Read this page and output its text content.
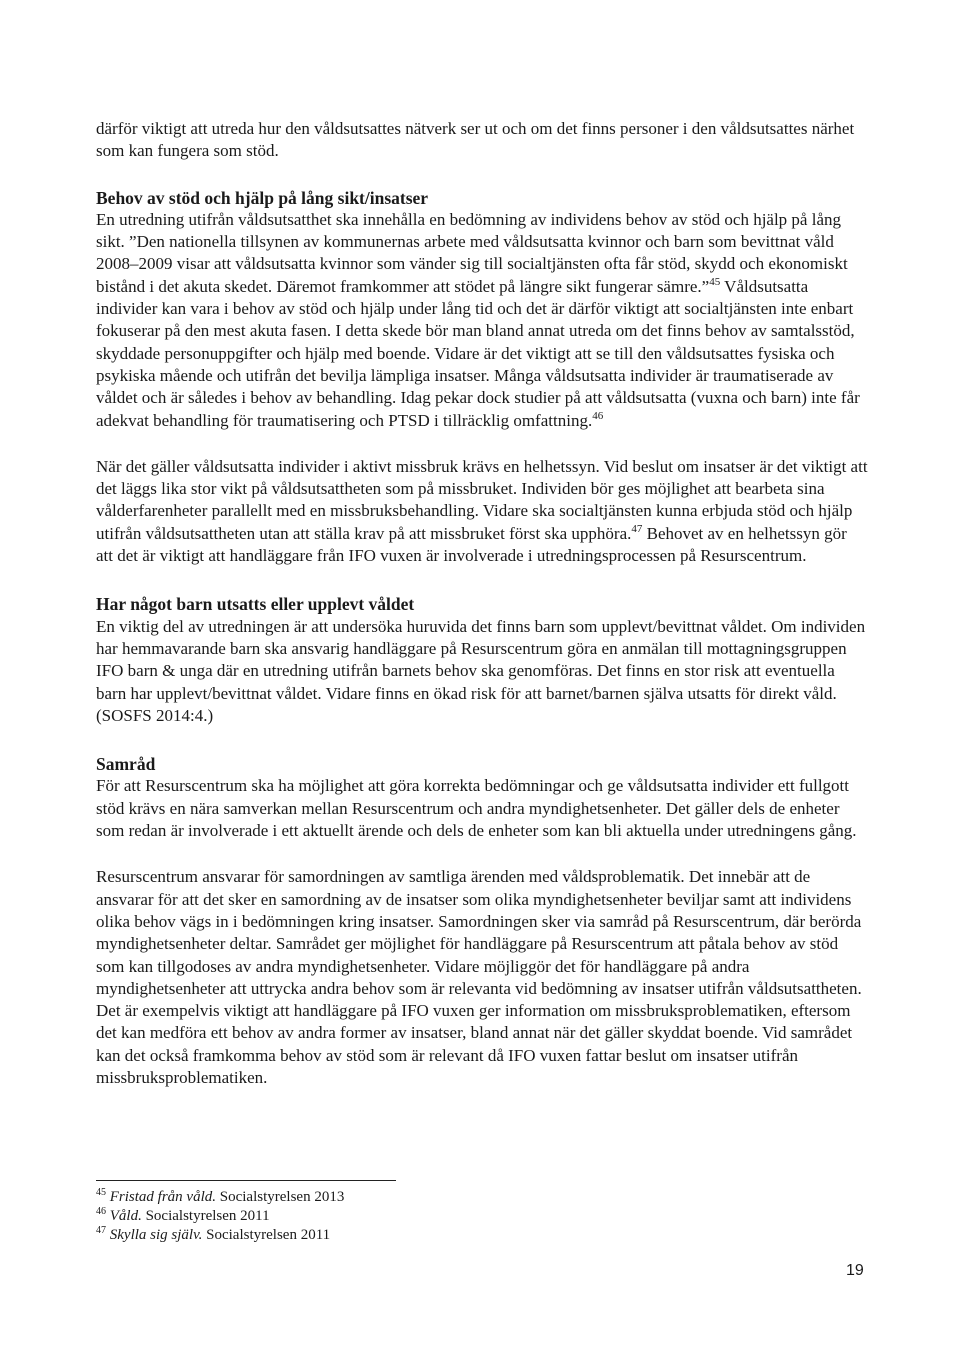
därför viktigt att utreda hur den våldsutsattes nätverk ser ut och om det finns personer i den våldsutsattes närhet som kan fungera som stöd.

Behov av stöd och hjälp på lång sikt/insatser

En utredning utifrån våldsutsatthet ska innehålla en bedömning av individens behov av stöd och hjälp på lång sikt. ”Den nationella tillsynen av kommunernas arbete med våldsutsatta kvinnor och barn som bevittnat våld 2008–2009 visar att våldsutsatta kvinnor som vänder sig till socialtjänsten ofta får stöd, skydd och ekonomiskt bistånd i det akuta skedet. Däremot framkommer att stödet på längre sikt fungerar sämre.”$^{45}$ Våldsutsatta individer kan vara i behov av stöd och hjälp under lång tid och det är därför viktigt att socialtjänsten inte enbart fokuserar på den mest akuta fasen. I detta skede bör man bland annat utreda om det finns behov av samtalsstöd, skyddade personuppgifter och hjälp med boende. Vidare är det viktigt att se till den våldsutsattes fysiska och psykiska mående och utifrån det bevilja lämpliga insatser. Många våldsutsatta individer är traumatiserade av våldet och är således i behov av behandling. Idag pekar dock studier på att våldsutsatta (vuxna och barn) inte får adekvat behandling för traumatisering och PTSD i tillräcklig omfattning.$^{46}$

När det gäller våldsutsatta individer i aktivt missbruk krävs en helhetssyn. Vid beslut om insatser är det viktigt att det läggs lika stor vikt på våldsutsattheten som på missbruket. Individen bör ges möjlighet att bearbeta sina vålderfarenheter parallellt med en missbruksbehandling. Vidare ska socialtjänsten kunna erbjuda stöd och hjälp utifrån våldsutsattheten utan att ställa krav på att missbruket först ska upphöra.$^{47}$ Behovet av en helhetssyn gör att det är viktigt att handläggare från IFO vuxen är involverade i utredningsprocessen på Resurscentrum.

Har något barn utsatts eller upplevt våldet

En viktig del av utredningen är att undersöka huruvida det finns barn som upplevt/bevittnat våldet. Om individen har hemmavarande barn ska ansvarig handläggare på Resurscentrum göra en anmälan till mottagningsgruppen IFO barn & unga där en utredning utifrån barnets behov ska genomföras. Det finns en stor risk att eventuella barn har upplevt/bevittnat våldet. Vidare finns en ökad risk för att barnet/barnen själva utsatts för direkt våld. (SOSFS 2014:4.)

Samråd

För att Resurscentrum ska ha möjlighet att göra korrekta bedömningar och ge våldsutsatta individer ett fullgott stöd krävs en nära samverkan mellan Resurscentrum och andra myndighetsenheter. Det gäller dels de enheter som redan är involverade i ett aktuellt ärende och dels de enheter som kan bli aktuella under utredningens gång.

Resurscentrum ansvarar för samordningen av samtliga ärenden med våldsproblematik. Det innebär att de ansvarar för att det sker en samordning av de insatser som olika myndighetsenheter beviljar samt att individens olika behov vägs in i bedömningen kring insatser. Samordningen sker via samråd på Resurscentrum, där berörda myndighetsenheter deltar. Samrådet ger möjlighet för handläggare på Resurscentrum att påtala behov av stöd som kan tillgodoses av andra myndighetsenheter. Vidare möjliggör det för handläggare på andra myndighetsenheter att uttrycka andra behov som är relevanta vid bedömning av insatser utifrån våldsutsattheten. Det är exempelvis viktigt att handläggare på IFO vuxen ger information om missbruksproblematiken, eftersom det kan medföra ett behov av andra former av insatser, bland annat när det gäller skyddat boende. Vid samrådet kan det också framkomma behov av stöd som är relevant då IFO vuxen fattar beslut om insatser utifrån missbruksproblematiken.

$^{45}$ Fristad från våld. Socialstyrelsen 2013

$^{46}$ Våld. Socialstyrelsen 2011

$^{47}$ Skylla sig själv. Socialstyrelsen 2011

19
